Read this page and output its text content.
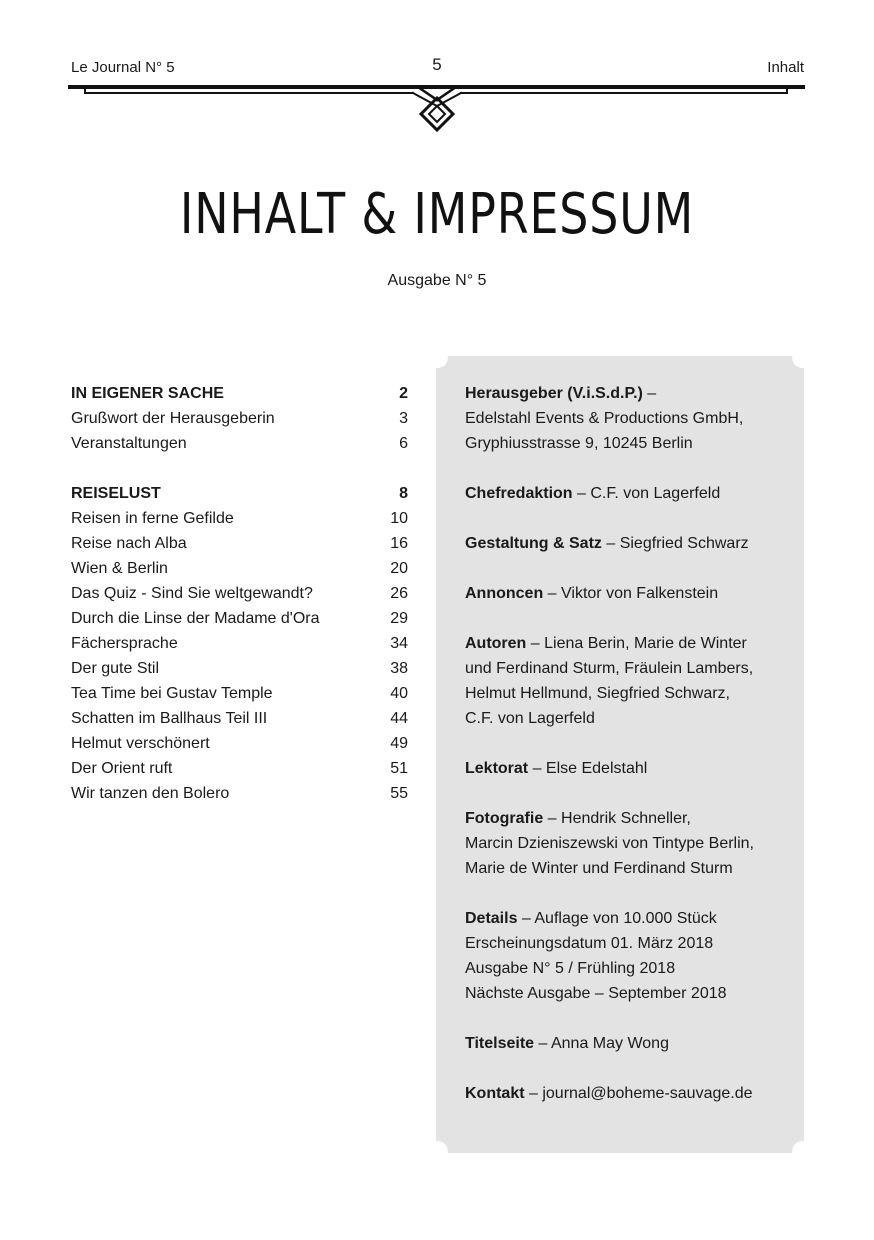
Le Journal N° 5	5	Inhalt
INHALT & IMPRESSUM
Ausgabe N° 5
IN EIGENER SACHE	2
Grußwort der Herausgeberin	3
Veranstaltungen	6
REISELUST	8
Reisen in ferne Gefilde	10
Reise nach Alba	16
Wien & Berlin	20
Das Quiz - Sind Sie weltgewandt?	26
Durch die Linse der Madame d'Ora	29
Fächersprache	34
Der gute Stil	38
Tea Time bei Gustav Temple	40
Schatten im Ballhaus Teil III	44
Helmut verschönert	49
Der Orient ruft	51
Wir tanzen den Bolero	55
Herausgeber (V.i.S.d.P.) –
Edelstahl Events & Productions GmbH,
Gryphiusstrasse 9, 10245 Berlin
Chefredaktion – C.F. von Lagerfeld
Gestaltung & Satz – Siegfried Schwarz
Annoncen – Viktor von Falkenstein
Autoren – Liena Berin, Marie de Winter
und Ferdinand Sturm, Fräulein Lambers,
Helmut Hellmund, Siegfried Schwarz,
C.F. von Lagerfeld
Lektorat – Else Edelstahl
Fotografie – Hendrik Schneller,
Marcin Dzieniszewski von Tintype Berlin,
Marie de Winter und Ferdinand Sturm
Details – Auflage von 10.000 Stück
Erscheinungsdatum 01. März 2018
Ausgabe N° 5 / Frühling 2018
Nächste Ausgabe – September 2018
Titelseite – Anna May Wong
Kontakt – journal@boheme-sauvage.de
